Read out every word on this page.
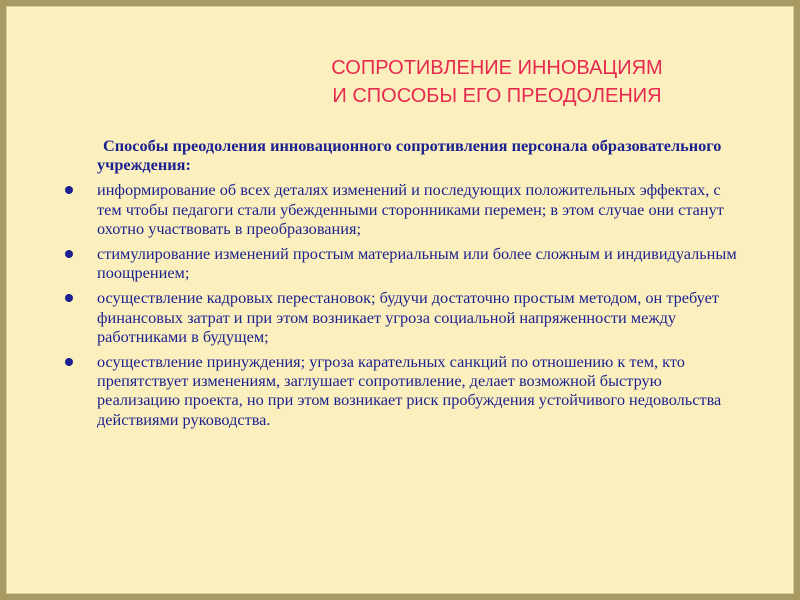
СОПРОТИВЛЕНИЕ ИННОВАЦИЯМ
И СПОСОБЫ ЕГО ПРЕОДОЛЕНИЯ

Способы преодоления инновационного сопротивления персонала образовательного учреждения:

информирование об всех деталях изменений и последующих положительных эффектах, с тем чтобы педагоги стали убежденными сторонниками перемен; в этом случае они станут охотно участвовать в преобразования;
стимулирование изменений простым материальным или более сложным и индивидуальным поощрением;
осуществление кадровых перестановок; будучи достаточно простым методом, он требует финансовых затрат и при этом возникает угроза социальной напряженности между работниками в будущем;
осуществление принуждения; угроза карательных санкций по отношению к тем, кто препятствует изменениям, заглушает сопротивление, делает возможной быструю реализацию проекта, но при этом возникает риск пробуждения устойчивого недовольства действиями руководства.
